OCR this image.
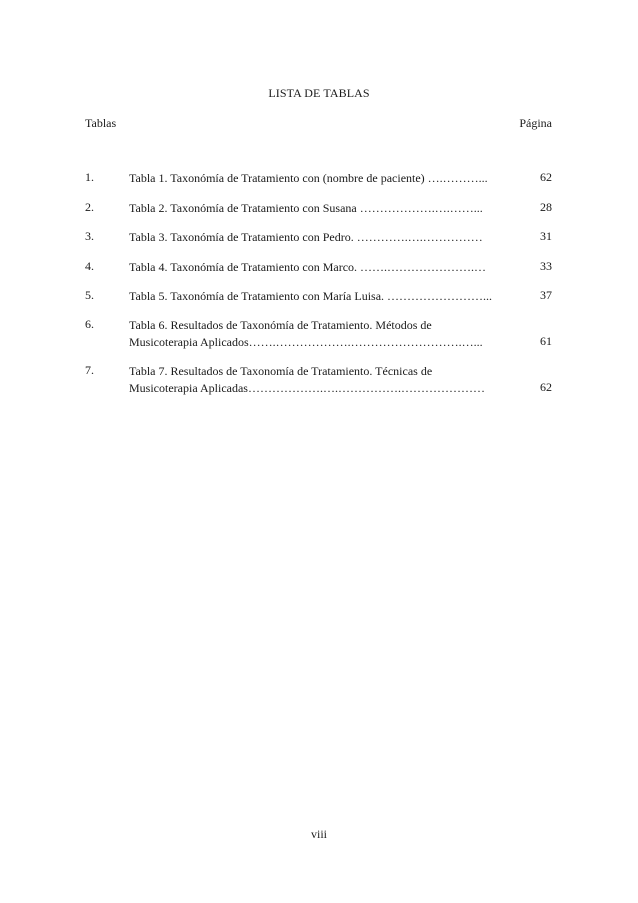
LISTA DE TABLAS
Tablas	Página
1.	Tabla 1. Taxonómía de Tratamiento con (nombre de paciente) ….………...	62
2.	Tabla 2. Taxonómía de Tratamiento con Susana ……………….….……...	28
3.	Tabla 3. Taxonómía de Tratamiento con Pedro. ………….….……………	31
4.	Tabla 4. Taxonómía de Tratamiento con Marco. …….………………….…	33
5.	Tabla 5. Taxonómía de Tratamiento con María Luisa. ……………………...	37
6.	Tabla 6. Resultados de Taxonómía de Tratamiento. Métodos de
Musicoterapia Aplicados…….……………….……………………….…...	61
7.	Tabla 7. Resultados de Taxonomía de Tratamiento. Técnicas de
Musicoterapia Aplicadas……………….….…………….…………………	62
viii
